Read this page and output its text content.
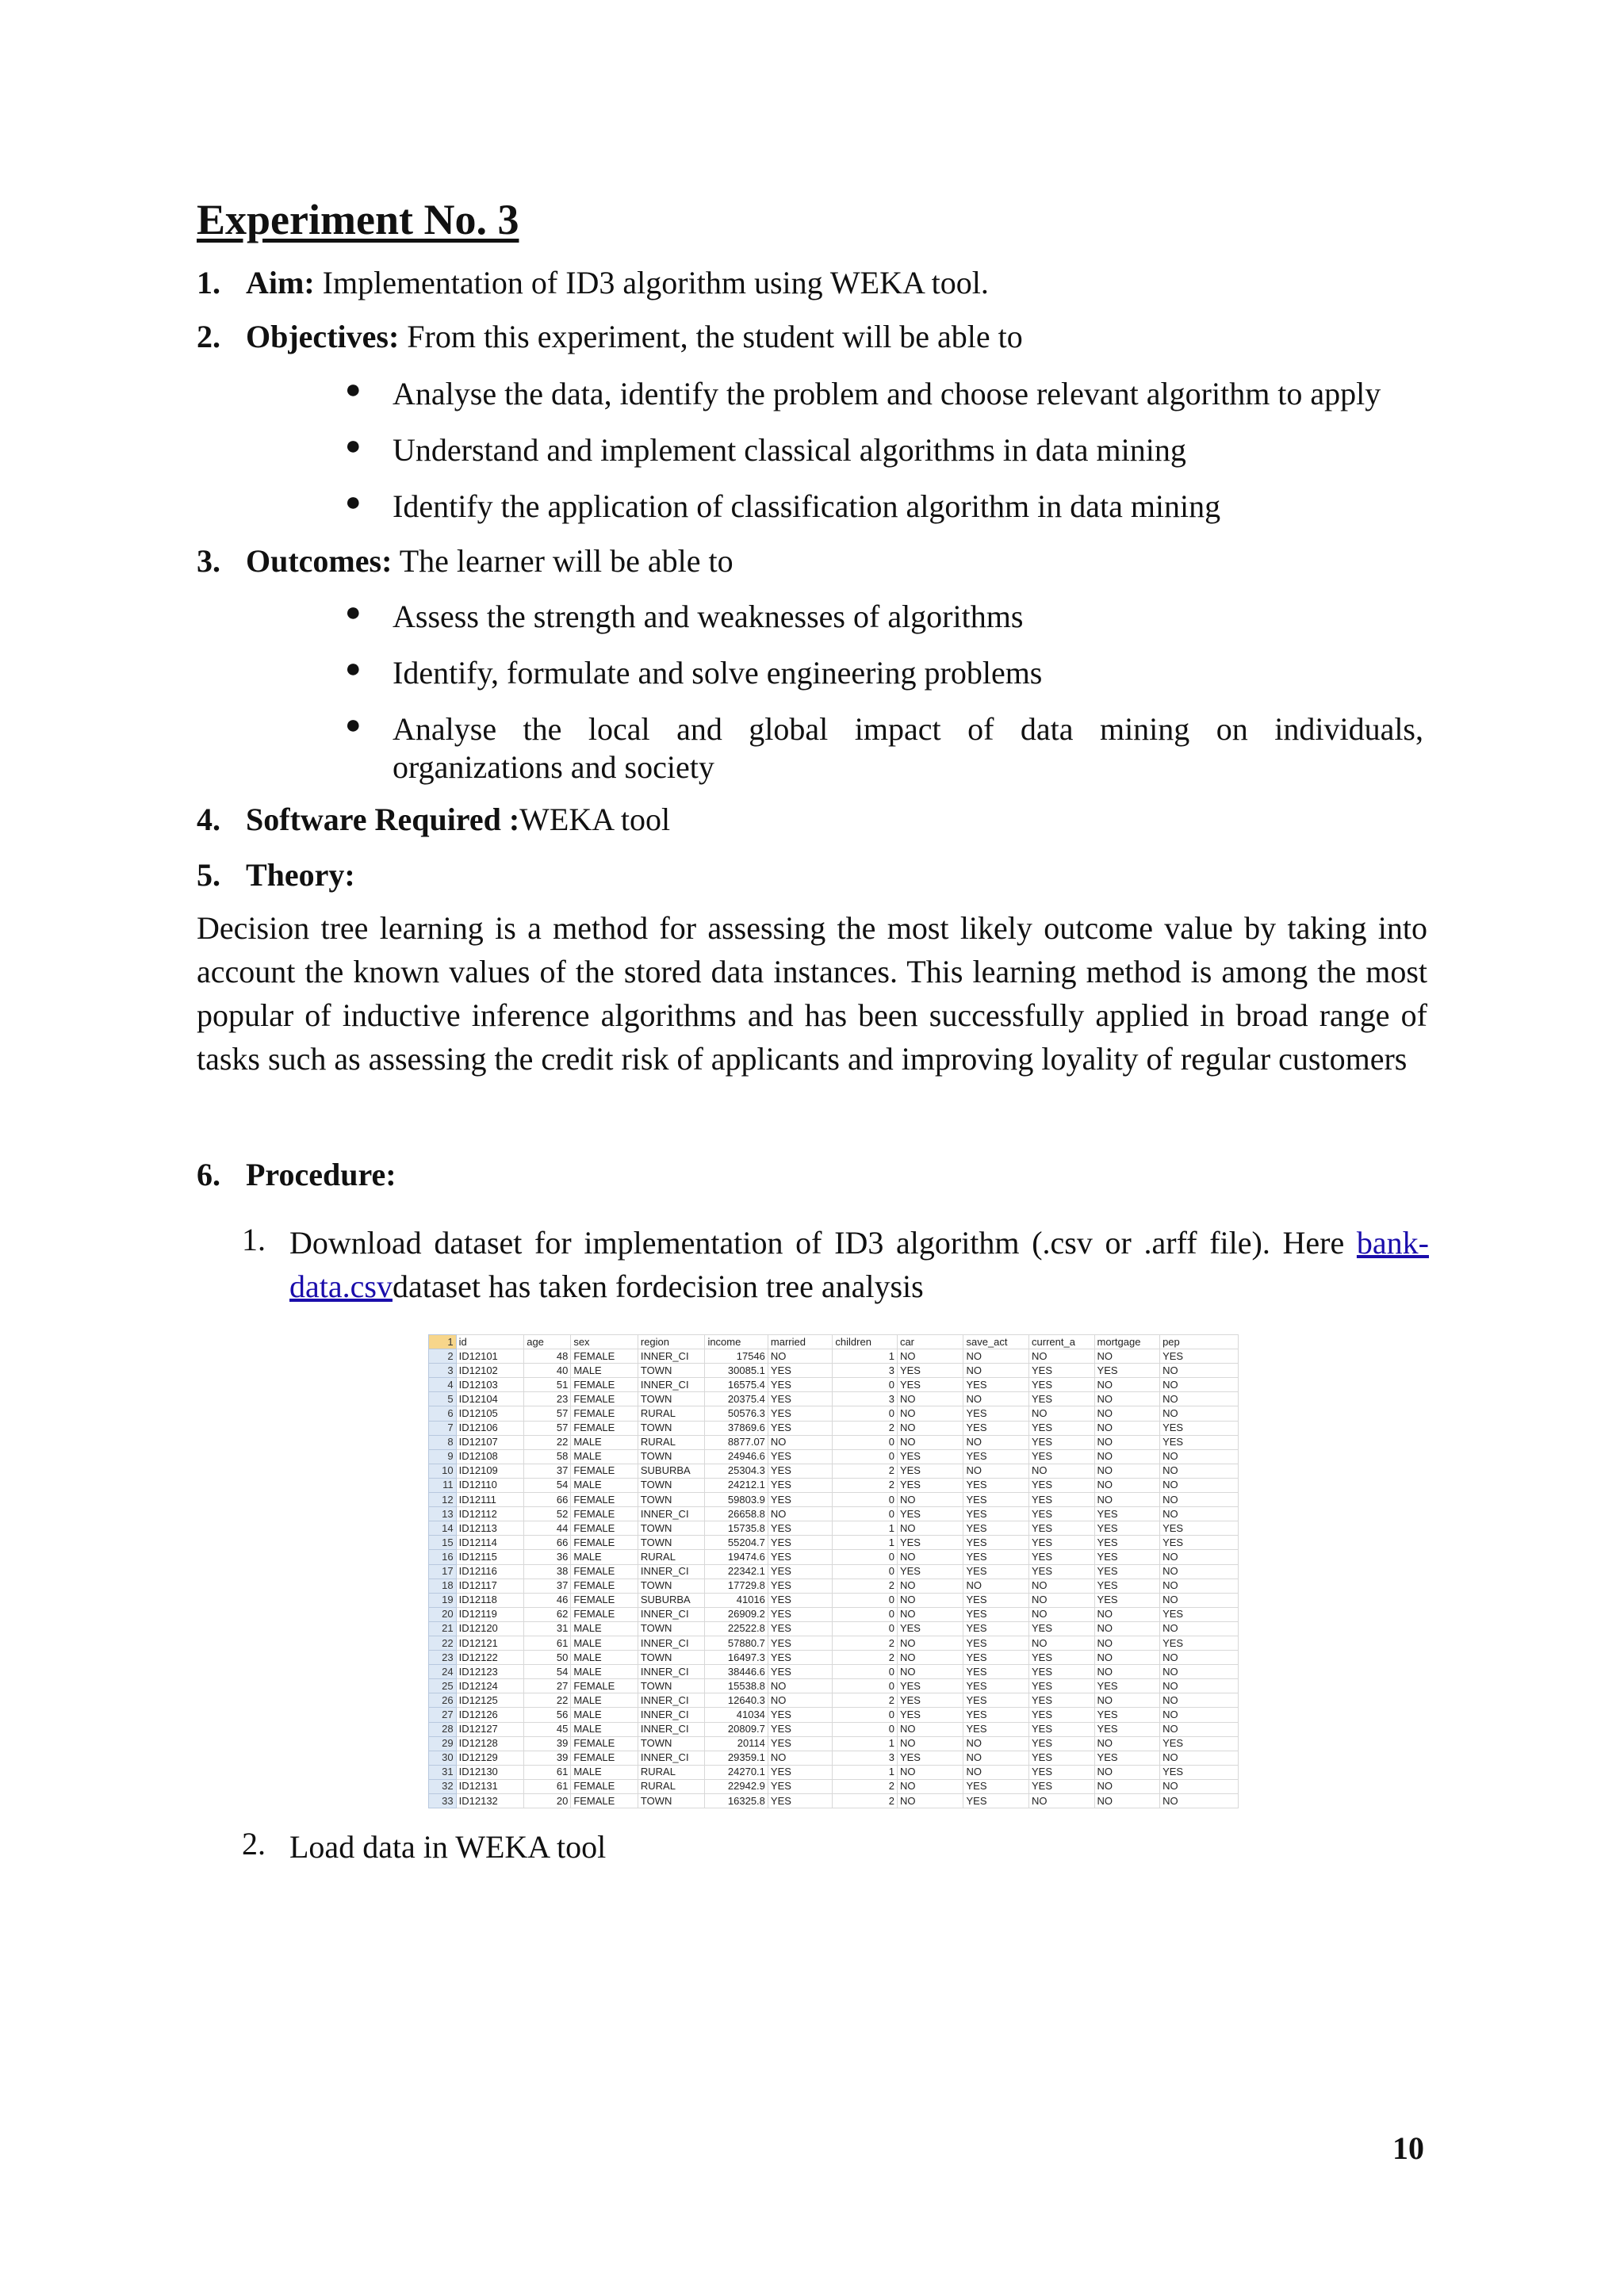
Experiment No. 3
1. Aim: Implementation of ID3 algorithm using WEKA tool.
2. Objectives: From this experiment, the student will be able to
● Analyse the data, identify the problem and choose relevant algorithm to apply
● Understand and implement classical algorithms in data mining
● Identify the application of classification algorithm in data mining
3. Outcomes: The learner will be able to
● Assess the strength and weaknesses of algorithms
● Identify, formulate and solve engineering problems
● Analyse the local and global impact of data mining on individuals,
organizations and society
4. Software Required :WEKA tool
5. Theory:
Decision tree learning is a method for assessing the most likely outcome value by taking into account the known values of the stored data instances. This learning method is among the most popular of inductive inference algorithms and has been successfully applied in broad range of tasks such as assessing the credit risk of applicants and improving loyality of regular customers
6. Procedure:
1. Download dataset for implementation of ID3 algorithm (.csv or .arff file). Here bank-data.csvdataset has taken fordecision tree analysis
1	id	age	sex	region	income	married	children	car	save_act	current_a	mortgage	pep
2	ID12101	48	FEMALE	INNER_CI	17546	NO	1	NO	NO	NO	NO	YES
3	ID12102	40	MALE	TOWN	30085.1	YES	3	YES	NO	YES	YES	NO
4	ID12103	51	FEMALE	INNER_CI	16575.4	YES	0	YES	YES	YES	NO	NO
5	ID12104	23	FEMALE	TOWN	20375.4	YES	3	NO	NO	YES	NO	NO
6	ID12105	57	FEMALE	RURAL	50576.3	YES	0	NO	YES	NO	NO	NO
7	ID12106	57	FEMALE	TOWN	37869.6	YES	2	NO	YES	YES	NO	YES
8	ID12107	22	MALE	RURAL	8877.07	NO	0	NO	NO	YES	NO	YES
9	ID12108	58	MALE	TOWN	24946.6	YES	0	YES	YES	YES	NO	NO
10	ID12109	37	FEMALE	SUBURBA	25304.3	YES	2	YES	NO	NO	NO	NO
11	ID12110	54	MALE	TOWN	24212.1	YES	2	YES	YES	YES	NO	NO
12	ID12111	66	FEMALE	TOWN	59803.9	YES	0	NO	YES	YES	NO	NO
13	ID12112	52	FEMALE	INNER_CI	26658.8	NO	0	YES	YES	YES	YES	NO
14	ID12113	44	FEMALE	TOWN	15735.8	YES	1	NO	YES	YES	YES	YES
15	ID12114	66	FEMALE	TOWN	55204.7	YES	1	YES	YES	YES	YES	YES
16	ID12115	36	MALE	RURAL	19474.6	YES	0	NO	YES	YES	YES	NO
17	ID12116	38	FEMALE	INNER_CI	22342.1	YES	0	YES	YES	YES	YES	NO
18	ID12117	37	FEMALE	TOWN	17729.8	YES	2	NO	NO	NO	YES	NO
19	ID12118	46	FEMALE	SUBURBA	41016	YES	0	NO	YES	NO	YES	NO
20	ID12119	62	FEMALE	INNER_CI	26909.2	YES	0	NO	YES	NO	NO	YES
21	ID12120	31	MALE	TOWN	22522.8	YES	0	YES	YES	YES	NO	NO
22	ID12121	61	MALE	INNER_CI	57880.7	YES	2	NO	YES	NO	NO	YES
23	ID12122	50	MALE	TOWN	16497.3	YES	2	NO	YES	YES	NO	NO
24	ID12123	54	MALE	INNER_CI	38446.6	YES	0	NO	YES	YES	NO	NO
25	ID12124	27	FEMALE	TOWN	15538.8	NO	0	YES	YES	YES	YES	NO
26	ID12125	22	MALE	INNER_CI	12640.3	NO	2	YES	YES	YES	NO	NO
27	ID12126	56	MALE	INNER_CI	41034	YES	0	YES	YES	YES	YES	NO
28	ID12127	45	MALE	INNER_CI	20809.7	YES	0	NO	YES	YES	YES	NO
29	ID12128	39	FEMALE	TOWN	20114	YES	1	NO	NO	YES	NO	YES
30	ID12129	39	FEMALE	INNER_CI	29359.1	NO	3	YES	NO	YES	YES	NO
31	ID12130	61	MALE	RURAL	24270.1	YES	1	NO	NO	YES	NO	YES
32	ID12131	61	FEMALE	RURAL	22942.9	YES	2	NO	YES	YES	NO	NO
33	ID12132	20	FEMALE	TOWN	16325.8	YES	2	NO	YES	NO	NO	NO
2. Load data in WEKA tool
10
